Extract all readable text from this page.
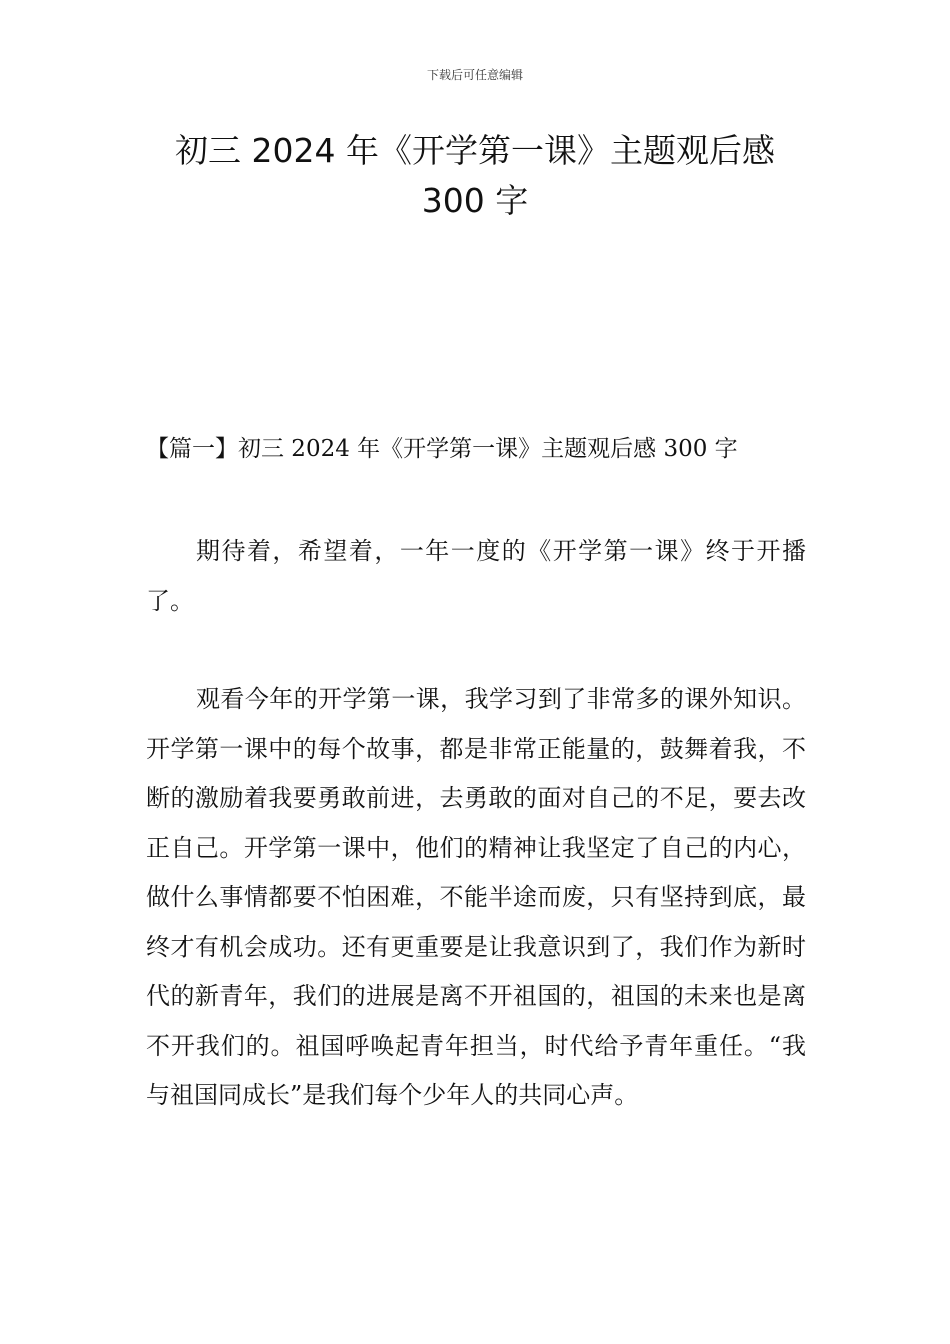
下载后可任意编辑
初三 2024 年《开学第一课》主题观后感
300 字
【篇一】初三 2024 年《开学第一课》主题观后感 300 字

期待着，希望着，一年一度的《开学第一课》终于开播了。

观看今年的开学第一课，我学习到了非常多的课外知识。开学第一课中的每个故事，都是非常正能量的，鼓舞着我，不断的激励着我要勇敢前进，去勇敢的面对自己的不足，要去改正自己。开学第一课中，他们的精神让我坚定了自己的内心，做什么事情都要不怕困难，不能半途而废，只有坚持到底，最终才有机会成功。还有更重要是让我意识到了，我们作为新时代的新青年，我们的进展是离不开祖国的，祖国的未来也是离不开我们的。祖国呼唤起青年担当，时代给予青年重任。“我与祖国同成长”是我们每个少年人的共同心声。
